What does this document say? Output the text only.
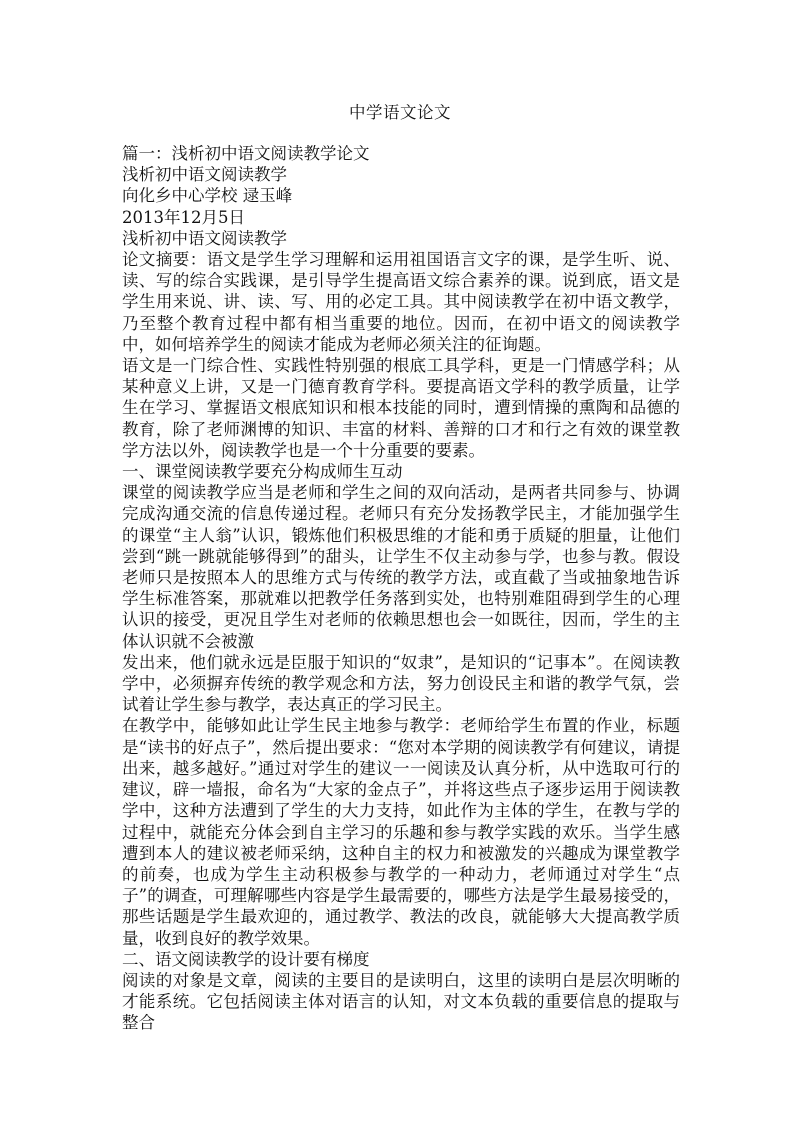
中学语文论文

篇一：浅析初中语文阅读教学论文

浅析初中语文阅读教学

向化乡中心学校 逯玉峰

2013年12月5日

浅析初中语文阅读教学

论文摘要：语文是学生学习理解和运用祖国语言文字的课，是学生听、说、读、写的综合实践课，是引导学生提高语文综合素养的课。说到底，语文是学生用来说、讲、读、写、用的必定工具。其中阅读教学在初中语文教学，乃至整个教育过程中都有相当重要的地位。因而，在初中语文的阅读教学中，如何培养学生的阅读才能成为老师必须关注的征询题。

语文是一门综合性、实践性特别强的根底工具学科，更是一门情感学科；从某种意义上讲，又是一门德育教育学科。要提高语文学科的教学质量，让学生在学习、掌握语文根底知识和根本技能的同时，遭到情操的熏陶和品德的教育，除了老师渊博的知识、丰富的材料、善辩的口才和行之有效的课堂教学方法以外，阅读教学也是一个十分重要的要素。

一、课堂阅读教学要充分构成师生互动

课堂的阅读教学应当是老师和学生之间的双向活动，是两者共同参与、协调完成沟通交流的信息传递过程。老师只有充分发扬教学民主，才能加强学生的课堂“主人翁”认识，锻炼他们积极思维的才能和勇于质疑的胆量，让他们尝到“跳一跳就能够得到”的甜头，让学生不仅主动参与学，也参与教。假设老师只是按照本人的思维方式与传统的教学方法，或直截了当或抽象地告诉学生标准答案，那就难以把教学任务落到实处，也特别难阻碍到学生的心理认识的接受，更况且学生对老师的依赖思想也会一如既往，因而，学生的主体认识就不会被激

发出来，他们就永远是臣服于知识的“奴隶”，是知识的“记事本”。在阅读教学中，必须摒弃传统的教学观念和方法，努力创设民主和谐的教学气氛，尝试着让学生参与教学，表达真正的学习民主。

在教学中，能够如此让学生民主地参与教学：老师给学生布置的作业，标题是“读书的好点子”，然后提出要求：“您对本学期的阅读教学有何建议，请提出来，越多越好。”通过对学生的建议一一阅读及认真分析，从中选取可行的建议，辟一墙报，命名为“大家的金点子”，并将这些点子逐步运用于阅读教学中，这种方法遭到了学生的大力支持，如此作为主体的学生，在教与学的过程中，就能充分体会到自主学习的乐趣和参与教学实践的欢乐。当学生感遭到本人的建议被老师采纳，这种自主的权力和被激发的兴趣成为课堂教学的前奏，也成为学生主动积极参与教学的一种动力，老师通过对学生“点子”的调查，可理解哪些内容是学生最需要的，哪些方法是学生最易接受的，那些话题是学生最欢迎的，通过教学、教法的改良，就能够大大提高教学质量，收到良好的教学效果。

二、语文阅读教学的设计要有梯度

阅读的对象是文章，阅读的主要目的是读明白，这里的读明白是层次明晰的才能系统。它包括阅读主体对语言的认知，对文本负载的重要信息的提取与整合
